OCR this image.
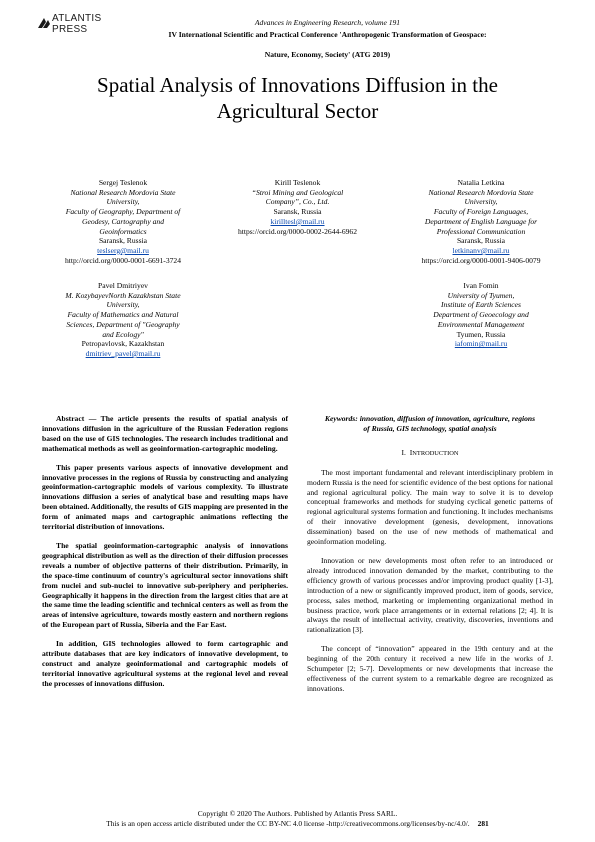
ATLANTIS
PRESS
Advances in Engineering Research, volume 191
IV International Scientific and Practical Conference 'Anthropogenic Transformation of Geospace:
Nature, Economy, Society' (ATG 2019)
Spatial Analysis of Innovations Diffusion in the
Agricultural Sector
Sergej Teslenok
National Research Mordovia State
University,
Faculty of Geography, Department of
Geodesy, Cartography and
Geoinformatics
Saransk, Russia
teslserg@mail.ru
http://orcid.org/0000-0001-6691-3724
Kirill Teslenok
“Stroi Mining and Geological
Company”, Co., Ltd.
Saransk, Russia
kirilltesl@mail.ru
https://orcid.org/0000-0002-2644-6962
Natalia Letkina
National Research Mordovia State
University,
Faculty of Foreign Languages,
Department of English Language for
Professional Communication
Saransk, Russia
letkinanv@mail.ru
https://orcid.org/0000-0001-9406-0079
Pavel Dmitriyev
M. KozybayevNorth Kazakhstan State
University,
Faculty of Mathematics and Natural
Sciences, Department of "Geography
and Ecology"
Petropavlovsk, Kazakhstan
dmitriev_pavel@mail.ru
Ivan Fomin
University of Tyumen,
Institute of Earth Sciences
Department of Geoecology and
Environmental Management
Tyumen, Russia
iafomin@mail.ru

Abstract — The article presents the results of spatial analysis of innovations diffusion in the agriculture of the Russian Federation regions based on the use of GIS technologies. The research includes traditional and mathematical methods as well as geoinformation-cartographic modeling.

This paper presents various aspects of innovative development and innovative processes in the regions of Russia by constructing and analyzing geoinformation-cartographic models of various complexity. To illustrate innovations diffusion a series of analytical base and resulting maps have been obtained. Additionally, the results of GIS mapping are presented in the form of animated maps and cartographic animations reflecting the territorial distribution of innovations.

The spatial geoinformation-cartographic analysis of innovations geographical distribution as well as the direction of their diffusion processes reveals a number of objective patterns of their distribution. Primarily, in the space-time continuum of country's agricultural sector innovations shift from nuclei and sub-nuclei to innovative sub-periphery and peripheries. Geographically it happens in the direction from the largest cities that are at the same time the leading scientific and technical centers as well as from the areas of intensive agriculture, towards mostly eastern and northern regions of the European part of Russia, Siberia and the Far East.

In addition, GIS technologies allowed to form cartographic and attribute databases that are key indicators of innovative development, to construct and analyze geoinformational and cartographic models of territorial innovative agricultural systems at the regional level and reveal the processes of innovations diffusion.

Keywords: innovation, diffusion of innovation, agriculture, regions of Russia, GIS technology, spatial analysis

I. INTRODUCTION

The most important fundamental and relevant interdisciplinary problem in modern Russia is the need for scientific evidence of the best options for national and regional agricultural policy. The main way to solve it is to develop conceptual frameworks and methods for studying cyclical genetic patterns of regional agricultural systems formation and functioning. It includes mechanisms of their innovative development (genesis, development, innovations dissemination) based on the use of new methods of mathematical and geoinformation modeling.

Innovation or new developments most often refer to an introduced or already introduced innovation demanded by the market, contributing to the efficiency growth of various processes and/or improving product quality [1-3], introduction of a new or significantly improved product, item of goods, service, process, sales method, marketing or implementing organizational method in business practice, work place arrangements or in external relations [2; 4]. It is always the result of intellectual activity, creativity, discoveries, inventions and rationalization [3].

The concept of “innovation” appeared in the 19th century and at the beginning of the 20th century it received a new life in the works of J. Schumpeter [2; 5-7]. Developments or new developments that increase the effectiveness of the current system to a remarkable degree are recognized as innovations.

Copyright © 2020 The Authors. Published by Atlantis Press SARL.
This is an open access article distributed under the CC BY-NC 4.0 license -http://creativecommons.org/licenses/by-nc/4.0/. 281
